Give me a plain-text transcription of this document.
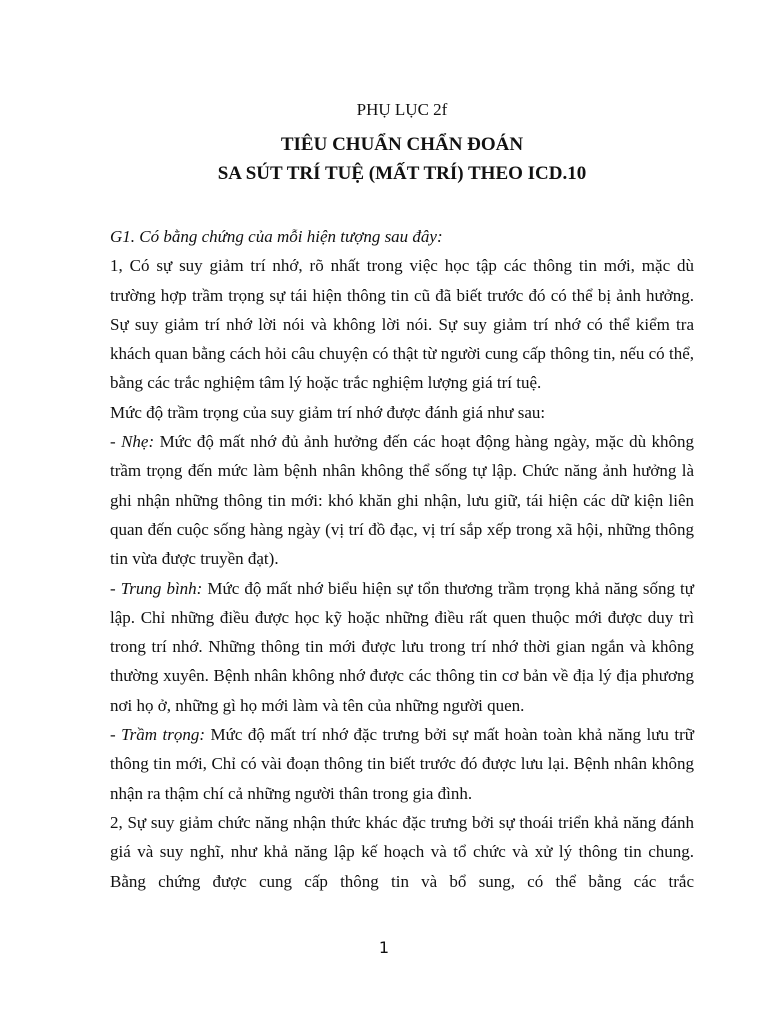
PHỤ LỤC 2f
TIÊU CHUẨN CHẨN ĐOÁN
SA SÚT TRÍ TUỆ (MẤT TRÍ) THEO ICD.10

G1. Có bằng chứng của mỗi hiện tượng sau đây:

1, Có sự suy giảm trí nhớ, rõ nhất trong việc học tập các thông tin mới, mặc dù trường hợp trầm trọng sự tái hiện thông tin cũ đã biết trước đó có thể bị ảnh hưởng. Sự suy giảm trí nhớ lời nói và không lời nói. Sự suy giảm trí nhớ có thể kiểm tra khách quan bằng cách hỏi câu chuyện có thật từ người cung cấp thông tin, nếu có thể, bằng các trắc nghiệm tâm lý hoặc trắc nghiệm lượng giá trí tuệ.

Mức độ trầm trọng của suy giảm trí nhớ được đánh giá như sau:

- Nhẹ: Mức độ mất nhớ đủ ảnh hưởng đến các hoạt động hàng ngày, mặc dù không trầm trọng đến mức làm bệnh nhân không thể sống tự lập. Chức năng ảnh hưởng là ghi nhận những thông tin mới: khó khăn ghi nhận, lưu giữ, tái hiện các dữ kiện liên quan đến cuộc sống hàng ngày (vị trí đồ đạc, vị trí sắp xếp trong xã hội, những thông tin vừa được truyền đạt).

- Trung bình: Mức độ mất nhớ biểu hiện sự tổn thương trầm trọng khả năng sống tự lập. Chỉ những điều được học kỹ hoặc những điều rất quen thuộc mới được duy trì trong trí nhớ. Những thông tin mới được lưu trong trí nhớ thời gian ngắn và không thường xuyên. Bệnh nhân không nhớ được các thông tin cơ bản về địa lý địa phương nơi họ ở, những gì họ mới làm và tên của những người quen.

- Trầm trọng: Mức độ mất trí nhớ đặc trưng bởi sự mất hoàn toàn khả năng lưu trữ thông tin mới, Chỉ có vài đoạn thông tin biết trước đó được lưu lại. Bệnh nhân không nhận ra thậm chí cả những người thân trong gia đình.

2, Sự suy giảm chức năng nhận thức khác đặc trưng bởi sự thoái triển khả năng đánh giá và suy nghĩ, như khả năng lập kế hoạch và tổ chức và xử lý thông tin chung. Bằng chứng được cung cấp thông tin và bổ sung, có thể bằng các trắc

1
